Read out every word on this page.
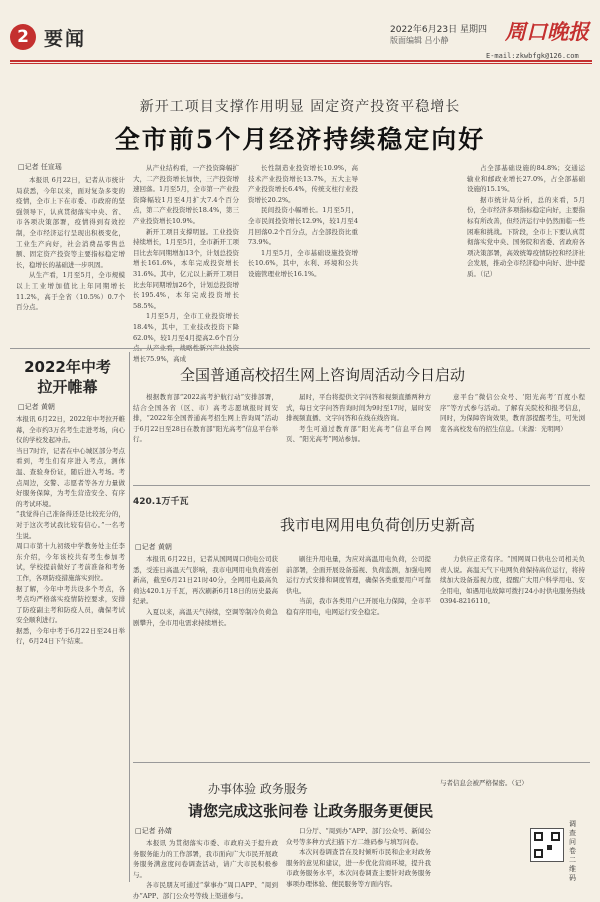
2 要闻	2022年6月23日 星期四
版面编辑 吕小静	周口晚报
E-mail:zkwbfgk@126.com
新开工项目支撑作用明显 固定资产投资平稳增长
全市前5个月经济持续稳定向好
□记者 任宣瑶

本报讯 6月22日，记者从市统计局获悉，今年以来，面对复杂多变的疫情，全市上下在市委、市政府的坚强领导下，认真贯彻落实中央、省、市各项决策部署，疫情得到有效控制，全市经济运行呈现出积极变化，工业生产向好，社会消费品零售总额、固定资产投资等主要指标稳定增长，稳增长的基础进一步巩固。

从生产看，1月至5月，全市规模以上工业增加值比上年同期增长11.2%，高于全省（10.5%）0.7个百分点。

从产业结构看，一产投资降幅扩大，二产投资增长加快，三产投资增速回落。1月至5月，全市第一产业投资降幅较1月至4月扩大7.4个百分点，第二产业投资增长18.4%，第三产业投资增长10.9%。

新开工项目支撑明显。工业投资持续增长，1月至5月，全市新开工项目比去年同期增加13个，计划总投资增长161.6%，本年完成投资增长31.6%。其中，亿元以上新开工项目比去年同期增加26个，计划总投资增长195.4%，本年完成投资增长58.5%。

1月至5月，全市工业投资增长18.4%，其中，工业技改投资下降62.0%，较1月至4月提高2.6个百分 增长75.9%，高成

长性制造业投资增长10.9%，高技术产业投资增长13.7%，五大主导产业投资增长6.4%，传统支柱行业投资增长20.2%。

民间投资小幅增长。1月至5月，全市民间投资增长12.9%，较1月至4月回落0.2个百分点，占全部投资比重73.9%。

1月至5月，全市基础设施投资增长10.6%，其中，水利、环境和公共设施管理业增长16.1%。

占全部基础设施的84.8%；交通运输业和邮政业增长27.0%，占全部基础设施的15.1%。

据市统计局分析，总的来看，5月份，全市经济多项指标稳定向好，主要指标有所改善，但经济运行中仍然面临一些困难和挑战。下阶段，全市上下要认真贯彻落实党中央、国务院和省委、省政府各项决策部署，高效统筹疫情防控和经济社会发展，推动全市经济稳中向好、进中提质。（记）

2022年中考
拉开帷幕
□记者 黄朝
本报讯 6月22日，2022年中考拉开帷幕，全市约3万名考生走进考场，向心仪的学校发起冲击。
当日7时许，记者在中心城区部分考点看到，考生们有序进入考点，测体温、查验身份证，随后进入考场。考点周边，交警、志愿者等各方力量做好服务保障，为考生营造安全、有序的考试环境。
“我觉得自己准备得还是比较充分的，对于这次考试我比较有信心。”一名考生说。
周口市第十九初级中学教务处主任李东介绍，今年该校共有考生参加考试，学校提前做好了考前准备和考务工作，各项防疫措施落实到位。
据了解，今年中考共设多个考点，各考点均严格落实疫情防控要求，安排了防疫副主考和防疫人员，确保考试安全顺利进行。
据悉，今年中考于6月22日至24日举行，6月24日下午结束。
全国普通高校招生网上咨询周活动今日启动

根据教育部“2022高考护航行动”安排部署，结合全国各省（区、市）高考志愿填报时间安排，“2022年全国普通高考招生网上咨询周”活动于6月22日至28日在教育部“阳光高考”信息平台举行。

届时，平台将提供文字问答和视频直播两种方式，每日文字问答咨询时间为9时至17时，届时安排视频直播、文字问答和在线在线咨询。

考生可通过教育部“阳光高考”信息平台网页、“阳光高考”网站参加。

意平台“微信公众号、‘阳光高考’百度小程序”等方式参与活动。了解有关院校和报考信息，同时，为保障咨询效果，教育部提醒考生，可先浏览各高校发布的招生信息。（来源：光明网）

420.1万千瓦
我市电网用电负荷创历史新高
□记者 黄朝

本报讯 6月22日，记者从国网周口供电公司获悉，受连日高温天气影响，我市电网用电负荷连创新高，截至6月21日21时40分，全网用电最高负荷达420.1万千瓦，再次刷新6月18日的历史最高纪录。

入夏以来，高温天气持续，空调等制冷负荷急剧攀升，全市用电需求持续增长。

刷往升用电量，为应对高温用电负荷，公司提前部署，全面开展设备巡视、负荷监测，加强电网运行方式安排和调度管理，确保各类重要用户可靠供电。

当前，我市各类用户已开展电力保障，全市平稳有序用电，电网运行安全稳定。

力供应正常有序。“国网周口供电公司相关负责人说。高温天气下电网负荷保持高位运行，将持续加大设备巡视力度，提醒广大用户科学用电、安全用电，如遇用电故障可拨打24小时供电服务热线0394-8216110。

办事体验 政务服务
请您完成这张问卷 让政务服务更便民
□记者 孙婧

本报讯 为贯彻落实市委、市政府关于提升政务服务能力的工作部署，我市面向广大市民开展政务服务满意度问卷调查活动，请广大市民积极参与。

各市民朋友可通过“掌事办”周口APP、“周到办”APP、部门公众号等线上渠道参与。

口分厅、“周到办”APP、部门公众号、新闻公众号等多种方式扫描下方二维码参与填写问卷。

本次问卷调查旨在及时倾听市民和企业对政务服务的意见和建议，进一步优化营商环境，提升我市政务服务水平，本次问卷调查主要针对政务服务事项办理体验、便民服务等方面内容。

与者信息会被严格保密。（记）
调查问卷二维码
